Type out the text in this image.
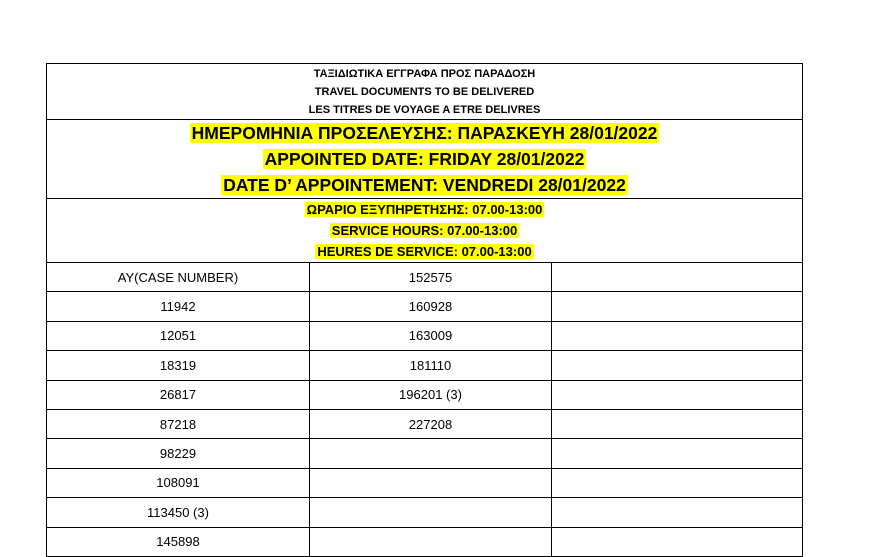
ΤΑΞΙΔΙΩΤΙΚΑ ΕΓΓΡΑΦΑ ΠΡΟΣ ΠΑΡΑΔΟΣΗ
TRAVEL DOCUMENTS TO BE DELIVERED
LES TITRES DE VOYAGE A ETRE DELIVRES		

ΗΜΕΡΟΜΗΝΙΑ ΠΡΟΣΕΛΕΥΣΗΣ: ΠΑΡΑΣΚΕΥΗ 28/01/2022
APPOINTED DATE: FRIDAY 28/01/2022
DATE D’ APPOINTEMENT: VENDREDI 28/01/2022		

ΩΡΑΡΙΟ ΕΞΥΠΗΡΕΤΗΣΗΣ: 07.00-13:00
SERVICE HOURS: 07.00-13:00
HEURES DE SERVICE: 07.00-13:00		

AY(CASE NUMBER)	152575	
11942	160928	
12051	163009	
18319	181110	
26817	196201 (3)	
87218	227208	
98229		
108091		
113450 (3)		
145898		
